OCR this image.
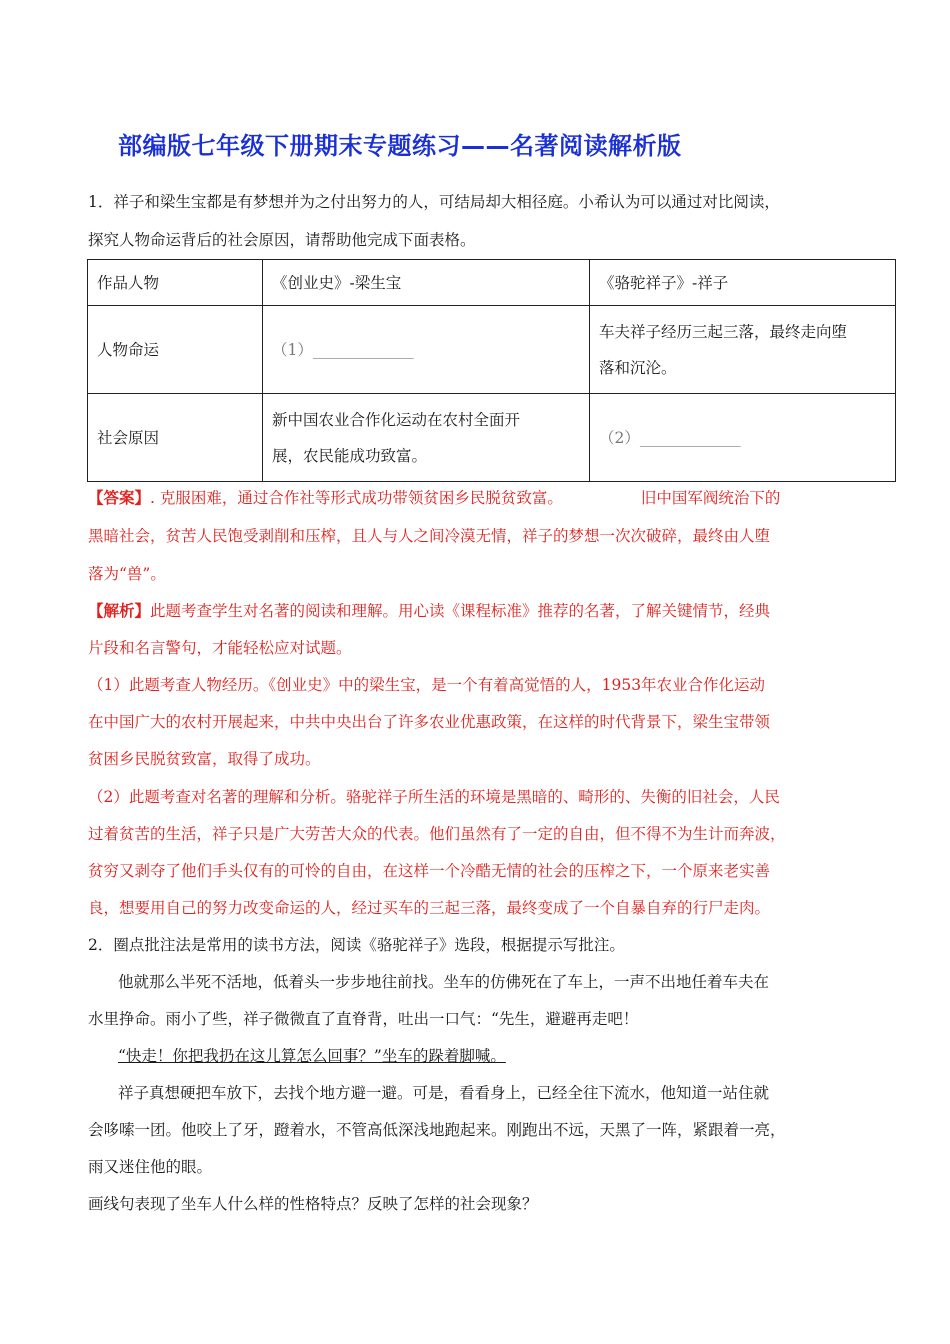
部编版七年级下册期末专题练习——名著阅读解析版
1．祥子和梁生宝都是有梦想并为之付出努力的人，可结局却大相径庭。小希认为可以通过对比阅读，
探究人物命运背后的社会原因，请帮助他完成下面表格。
作品人物	《创业史》-梁生宝	《骆驼祥子》-祥子
人物命运	（1）_____________	车夫祥子经历三起三落，最终走向堕
落和沉沦。

社会原因	新中国农业合作化运动在农村全面开
展，农民能成功致富。	（2）_____________
【答案】. 克服困难，通过合作社等形式成功带领贫困乡民脱贫致富。	旧中国军阀统治下的
黑暗社会，贫苦人民饱受剥削和压榨，且人与人之间冷漠无情，祥子的梦想一次次破碎，最终由人堕
落为“兽”。
【解析】此题考查学生对名著的阅读和理解。用心读《课程标准》推荐的名著，了解关键情节，经典
片段和名言警句，才能轻松应对试题。
（1）此题考查人物经历。《创业史》中的梁生宝，是一个有着高觉悟的人，1953年农业合作化运动
在中国广大的农村开展起来，中共中央出台了许多农业优惠政策，在这样的时代背景下，梁生宝带领
贫困乡民脱贫致富，取得了成功。
（2）此题考查对名著的理解和分析。骆驼祥子所生活的环境是黑暗的、畸形的、失衡的旧社会，人民
过着贫苦的生活，祥子只是广大劳苦大众的代表。他们虽然有了一定的自由，但不得不为生计而奔波，
贫穷又剥夺了他们手头仅有的可怜的自由，在这样一个冷酷无情的社会的压榨之下，一个原来老实善
良，想要用自己的努力改变命运的人，经过买车的三起三落，最终变成了一个自暴自弃的行尸走肉。
2．圈点批注法是常用的读书方法，阅读《骆驼祥子》选段，根据提示写批注。
他就那么半死不活地，低着头一步步地往前找。坐车的仿佛死在了车上，一声不出地任着车夫在
水里挣命。雨小了些，祥子微微直了直脊背，吐出一口气：“先生，避避再走吧！
“快走！你把我扔在这儿算怎么回事？”坐车的跺着脚喊。
祥子真想硬把车放下，去找个地方避一避。可是，看看身上，已经全往下流水，他知道一站住就
会哆嗦一团。他咬上了牙，蹬着水，不管高低深浅地跑起来。刚跑出不远，天黑了一阵，紧跟着一亮，
雨又迷住他的眼。
画线句表现了坐车人什么样的性格特点？反映了怎样的社会现象？
